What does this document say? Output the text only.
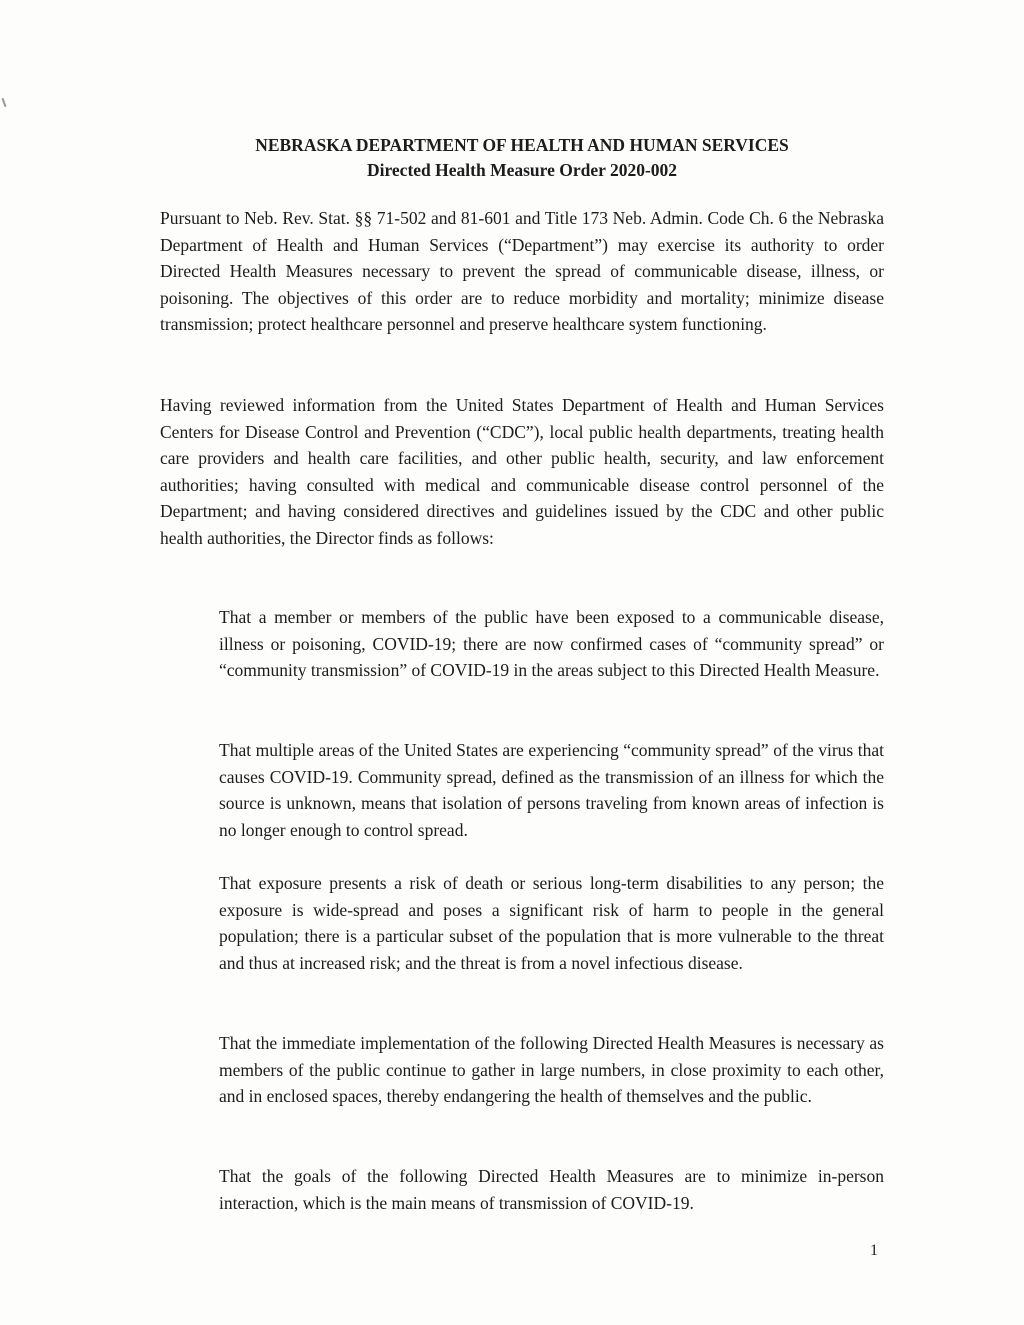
NEBRASKA DEPARTMENT OF HEALTH AND HUMAN SERVICES
Directed Health Measure Order 2020-002

Pursuant to Neb. Rev. Stat. §§ 71-502 and 81-601 and Title 173 Neb. Admin. Code Ch. 6 the Nebraska Department of Health and Human Services (“Department”) may exercise its authority to order Directed Health Measures necessary to prevent the spread of communicable disease, illness, or poisoning. The objectives of this order are to reduce morbidity and mortality; minimize disease transmission; protect healthcare personnel and preserve healthcare system functioning.

Having reviewed information from the United States Department of Health and Human Services Centers for Disease Control and Prevention (“CDC”), local public health departments, treating health care providers and health care facilities, and other public health, security, and law enforcement authorities; having consulted with medical and communicable disease control personnel of the Department; and having considered directives and guidelines issued by the CDC and other public health authorities, the Director finds as follows:

That a member or members of the public have been exposed to a communicable disease, illness or poisoning, COVID-19; there are now confirmed cases of “community spread” or “community transmission” of COVID-19 in the areas subject to this Directed Health Measure.

That multiple areas of the United States are experiencing “community spread” of the virus that causes COVID-19. Community spread, defined as the transmission of an illness for which the source is unknown, means that isolation of persons traveling from known areas of infection is no longer enough to control spread.

That exposure presents a risk of death or serious long-term disabilities to any person; the exposure is wide-spread and poses a significant risk of harm to people in the general population; there is a particular subset of the population that is more vulnerable to the threat and thus at increased risk; and the threat is from a novel infectious disease.

That the immediate implementation of the following Directed Health Measures is necessary as members of the public continue to gather in large numbers, in close proximity to each other, and in enclosed spaces, thereby endangering the health of themselves and the public.

That the goals of the following Directed Health Measures are to minimize in-person interaction, which is the main means of transmission of COVID-19.

1
